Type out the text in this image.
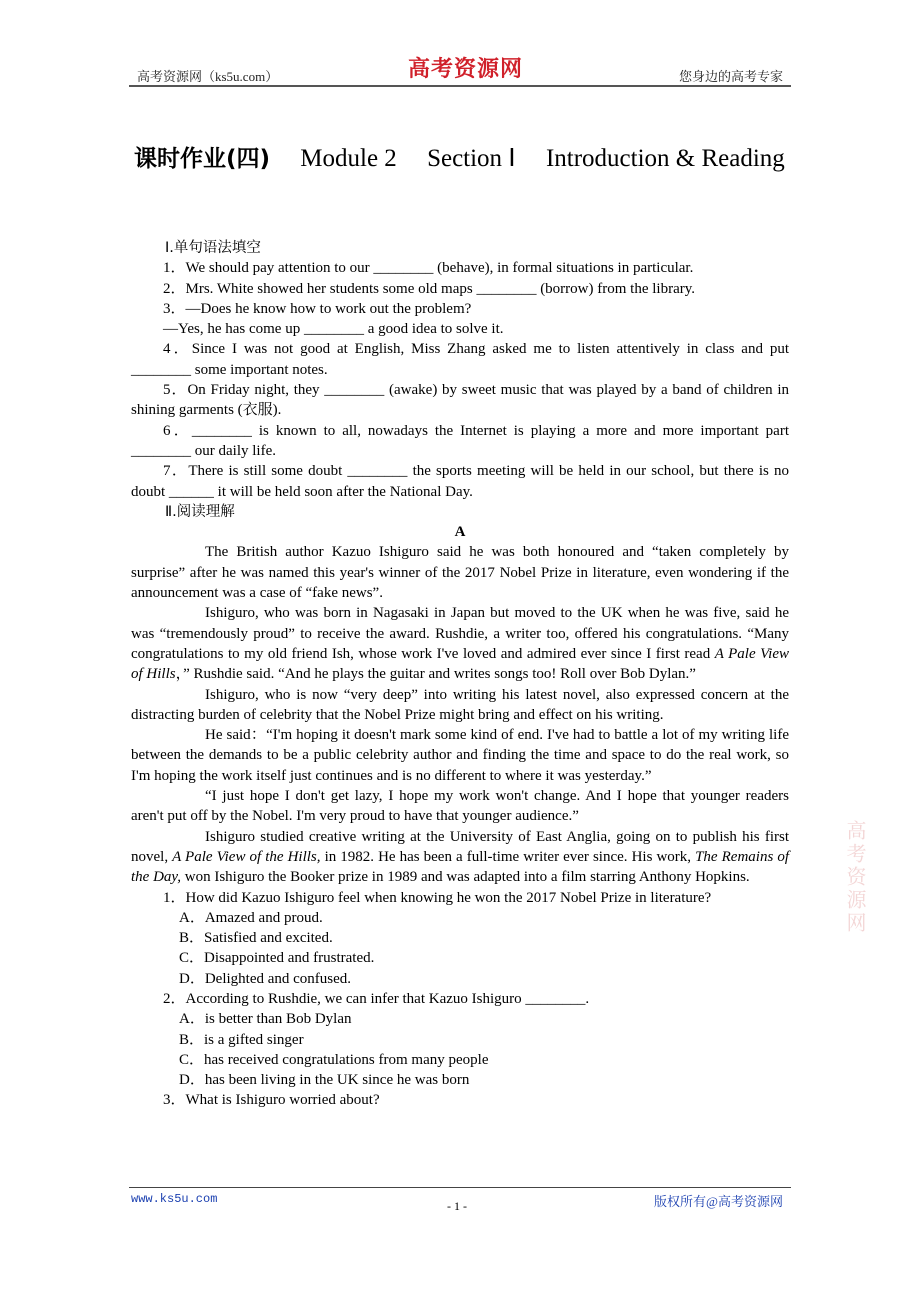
高考资源网（ks5u.com）	高考资源网	您身边的高考专家
课时作业(四) Module 2 Section Ⅰ Introduction & Reading
高考资源网

Ⅰ.单句语法填空

1．We should pay attention to our ________ (behave), in formal situations in particular.

2．Mrs. White showed her students some old maps ________ (borrow) from the library.

3．—Does he know how to work out the problem?

—Yes, he has come up ________ a good idea to solve it.

4．Since I was not good at English, Miss Zhang asked me to listen attentively in class and put ________ some important notes.

5．On Friday night, they ________ (awake) by sweet music that was played by a band of children in shining garments (衣服).

6．________ is known to all, nowadays the Internet is playing a more and more important part ________ our daily life.

7．There is still some doubt ________ the sports meeting will be held in our school, but there is no doubt ______ it will be held soon after the National Day.

Ⅱ.阅读理解

A

The British author Kazuo Ishiguro said he was both honoured and “taken completely by surprise” after he was named this year's winner of the 2017 Nobel Prize in literature, even wondering if the announcement was a case of “fake news”.

Ishiguro, who was born in Nagasaki in Japan but moved to the UK when he was five, said he was “tremendously proud” to receive the award. Rushdie, a writer too, offered his congratulations. “Many congratulations to my old friend Ish, whose work I've loved and admired ever since I first read A Pale View of Hills，” Rushdie said. “And he plays the guitar and writes songs too! Roll over Bob Dylan.”

Ishiguro, who is now “very deep” into writing his latest novel, also expressed concern at the distracting burden of celebrity that the Nobel Prize might bring and effect on his writing.

He said：“I'm hoping it doesn't mark some kind of end. I've had to battle a lot of my writing life between the demands to be a public celebrity author and finding the time and space to do the real work, so I'm hoping the work itself just continues and is no different to where it was yesterday.”

“I just hope I don't get lazy, I hope my work won't change. And I hope that younger readers aren't put off by the Nobel. I'm very proud to have that younger audience.”

Ishiguro studied creative writing at the University of East Anglia, going on to publish his first novel, A Pale View of the Hills, in 1982. He has been a full-time writer ever since. His work, The Remains of the Day, won Ishiguro the Booker prize in 1989 and was adapted into a film starring Anthony Hopkins.

1．How did Kazuo Ishiguro feel when knowing he won the 2017 Nobel Prize in literature?

A．Amazed and proud.

B．Satisfied and excited.

C．Disappointed and frustrated.

D．Delighted and confused.

2．According to Rushdie, we can infer that Kazuo Ishiguro ________.

A．is better than Bob Dylan

B．is a gifted singer

C．has received congratulations from many people

D．has been living in the UK since he was born

3．What is Ishiguro worried about?

www.ks5u.com	- 1 -	版权所有@高考资源网
